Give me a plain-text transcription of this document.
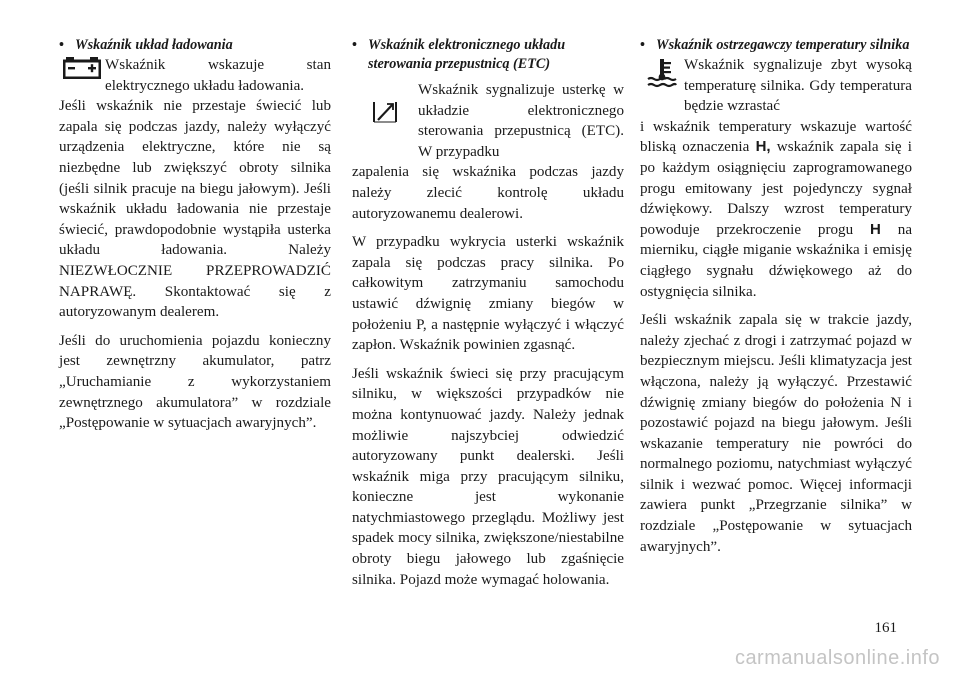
• Wskaźnik układ ładowania

Wskaźnik wskazuje stan elektrycznego układu ładowania.

Jeśli wskaźnik nie przestaje świecić lub zapala się podczas jazdy, należy wyłączyć urządzenia elektryczne, które nie są niezbędne lub zwiększyć obroty silnika (jeśli silnik pracuje na biegu jałowym). Jeśli wskaźnik układu ładowania nie przestaje świecić, prawdopodobnie wystąpiła usterka układu ładowania. Należy NIEZWŁOCZNIE PRZEPROWADZIĆ NAPRAWĘ. Skontaktować się z autoryzowanym dealerem.

Jeśli do uruchomienia pojazdu konieczny jest zewnętrzny akumulator, patrz „Uruchamianie z wykorzystaniem zewnętrznego akumulatora” w rozdziale „Postępowanie w sytuacjach awaryjnych”.

• Wskaźnik elektronicznego układu sterowania przepustnicą (ETC)

Wskaźnik sygnalizuje usterkę w układzie elektronicznego sterowania przepustnicą (ETC). W przypadku

zapalenia się wskaźnika podczas jazdy należy zlecić kontrolę układu autoryzowanemu dealerowi.

W przypadku wykrycia usterki wskaźnik zapala się podczas pracy silnika. Po całkowitym zatrzymaniu samochodu ustawić dźwignię zmiany biegów w położeniu P, a następnie wyłączyć i włączyć zapłon. Wskaźnik powinien zgasnąć.

Jeśli wskaźnik świeci się przy pracującym silniku, w większości przypadków nie można kontynuować jazdy. Należy jednak możliwie najszybciej odwiedzić autoryzowany punkt dealerski. Jeśli wskaźnik miga przy pracującym silniku, konieczne jest wykonanie natychmiastowego przeglądu. Możliwy jest spadek mocy silnika, zwiększone/niestabilne obroty biegu jałowego lub zgaśnięcie silnika. Pojazd może wymagać holowania.

• Wskaźnik ostrzegawczy temperatury silnika

Wskaźnik sygnalizuje zbyt wysoką temperaturę silnika. Gdy temperatura będzie wzrastać

i wskaźnik temperatury wskazuje wartość bliską oznaczenia H, wskaźnik zapala się i po każdym osiągnięciu zaprogramowanego progu emitowany jest pojedynczy sygnał dźwiękowy. Dalszy wzrost temperatury powoduje przekroczenie progu H na mierniku, ciągłe miganie wskaźnika i emisję ciągłego sygnału dźwiękowego aż do ostygnięcia silnika.

Jeśli wskaźnik zapala się w trakcie jazdy, należy zjechać z drogi i zatrzymać pojazd w bezpiecznym miejscu. Jeśli klimatyzacja jest włączona, należy ją wyłączyć. Przestawić dźwignię zmiany biegów do położenia N i pozostawić pojazd na biegu jałowym. Jeśli wskazanie temperatury nie powróci do normalnego poziomu, natychmiast wyłączyć silnik i wezwać pomoc. Więcej informacji zawiera punkt „Przegrzanie silnika” w rozdziale „Postępowanie w sytuacjach awaryjnych”.

161
carmanualsonline.info
